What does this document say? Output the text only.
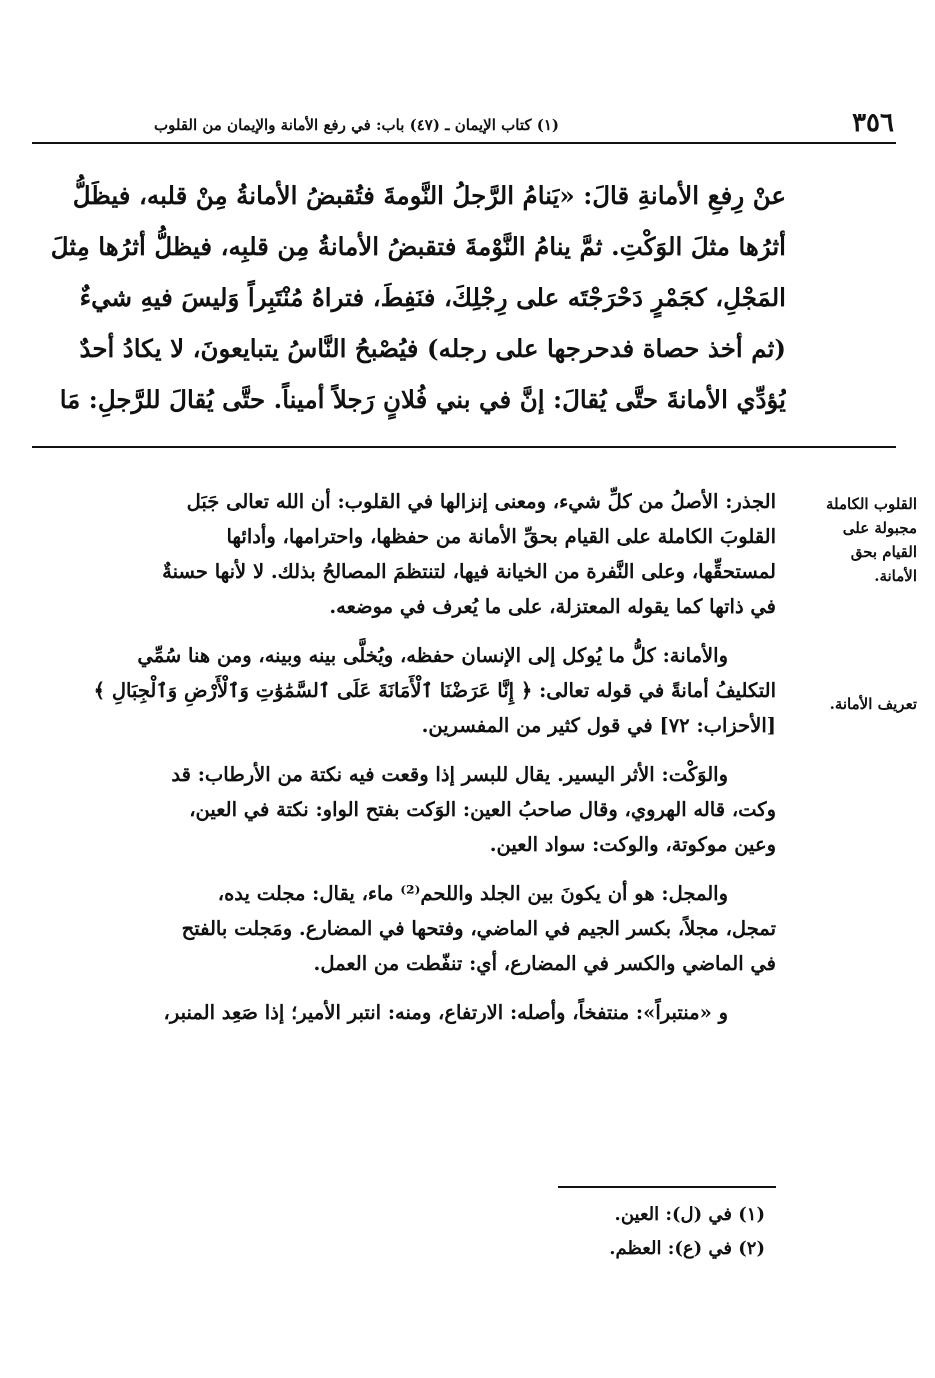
٣٥٦
(١) كتاب الإيمان ـ (٤٧) باب: في رفع الأمانة والإيمان من القلوب
عنْ رِفعِ الأمانةِ قالَ: «يَنامُ الرَّجلُ النَّومةَ فتُقبضُ الأمانةُ مِنْ قلبه، فيظَلُّ
أثرُها مثلَ الوَكْتِ. ثمَّ ينامُ النَّوْمةَ فتقبضُ الأمانةُ مِن قلبِه، فيظلُّ أثرُها مِثلَ
المَجْلِ، كجَمْرٍ دَحْرَجْتَه على رِجْلِكَ، فنَفِطَ، فتراهُ مُنْتَبِراً وَليسَ فيهِ شيءٌ
(ثم أخذ حصاة فدحرجها على رجله) فيُصْبحُ النَّاسُ يتبايعونَ، لا يكادُ أحدٌ
يُؤدِّي الأمانةَ حتَّى يُقالَ: إنَّ في بني فُلانٍ رَجلاً أميناً. حتَّى يُقالَ للرَّجلِ: مَا
القلوب الكاملة
مجبولة على
القيام بحق
الأمانة.
تعريف الأمانة.
الجذر: الأصلُ من كلِّ شيء، ومعنى إنزالها في القلوب: أن الله تعالى جَبَل
القلوبَ الكاملة على القيام بحقِّ الأمانة من حفظها، واحترامها، وأدائها
لمستحقِّها، وعلى النَّفرة من الخيانة فيها، لتنتظمَ المصالحُ بذلك. لا لأنها حسنةٌ
في ذاتها كما يقوله المعتزلة، على ما يُعرف في موضعه.
والأمانة: كلُّ ما يُوكل إلى الإنسان حفظه، ويُخلَّى بينه وبينه، ومن هنا سُمِّي
التكليفُ أمانةً في قوله تعالى: ﴿ إِنَّا عَرَضْنَا ٱلْأَمَانَةَ عَلَى ٱلسَّمَٰوَٰتِ وَٱلْأَرْضِ وَٱلْجِبَالِ ﴾
[الأحزاب: ٧٢] في قول كثير من المفسرين.
والوَكْت: الأثر اليسير. يقال للبسر إذا وقعت فيه نكتة من الأرطاب: قد
وكت، قاله الهروي، وقال صاحبُ العين: الوَكت بفتح الواو: نكتة في العين،
وعين موكوتة، والوكت: سواد العين.
والمجل: هو أن يكونَ بين الجلد واللحم⁽²⁾ ماء، يقال: مجلت يده،
تمجل، مجلاً، بكسر الجيم في الماضي، وفتحها في المضارع. ومَجلت بالفتح
في الماضي والكسر في المضارع، أي: تنفّطت من العمل.
و «منتبراً»: منتفخاً، وأصله: الارتفاع، ومنه: انتبر الأمير؛ إذا صَعِد المنبر،
(١) في (ل): العين.
(٢) في (ع): العظم.
